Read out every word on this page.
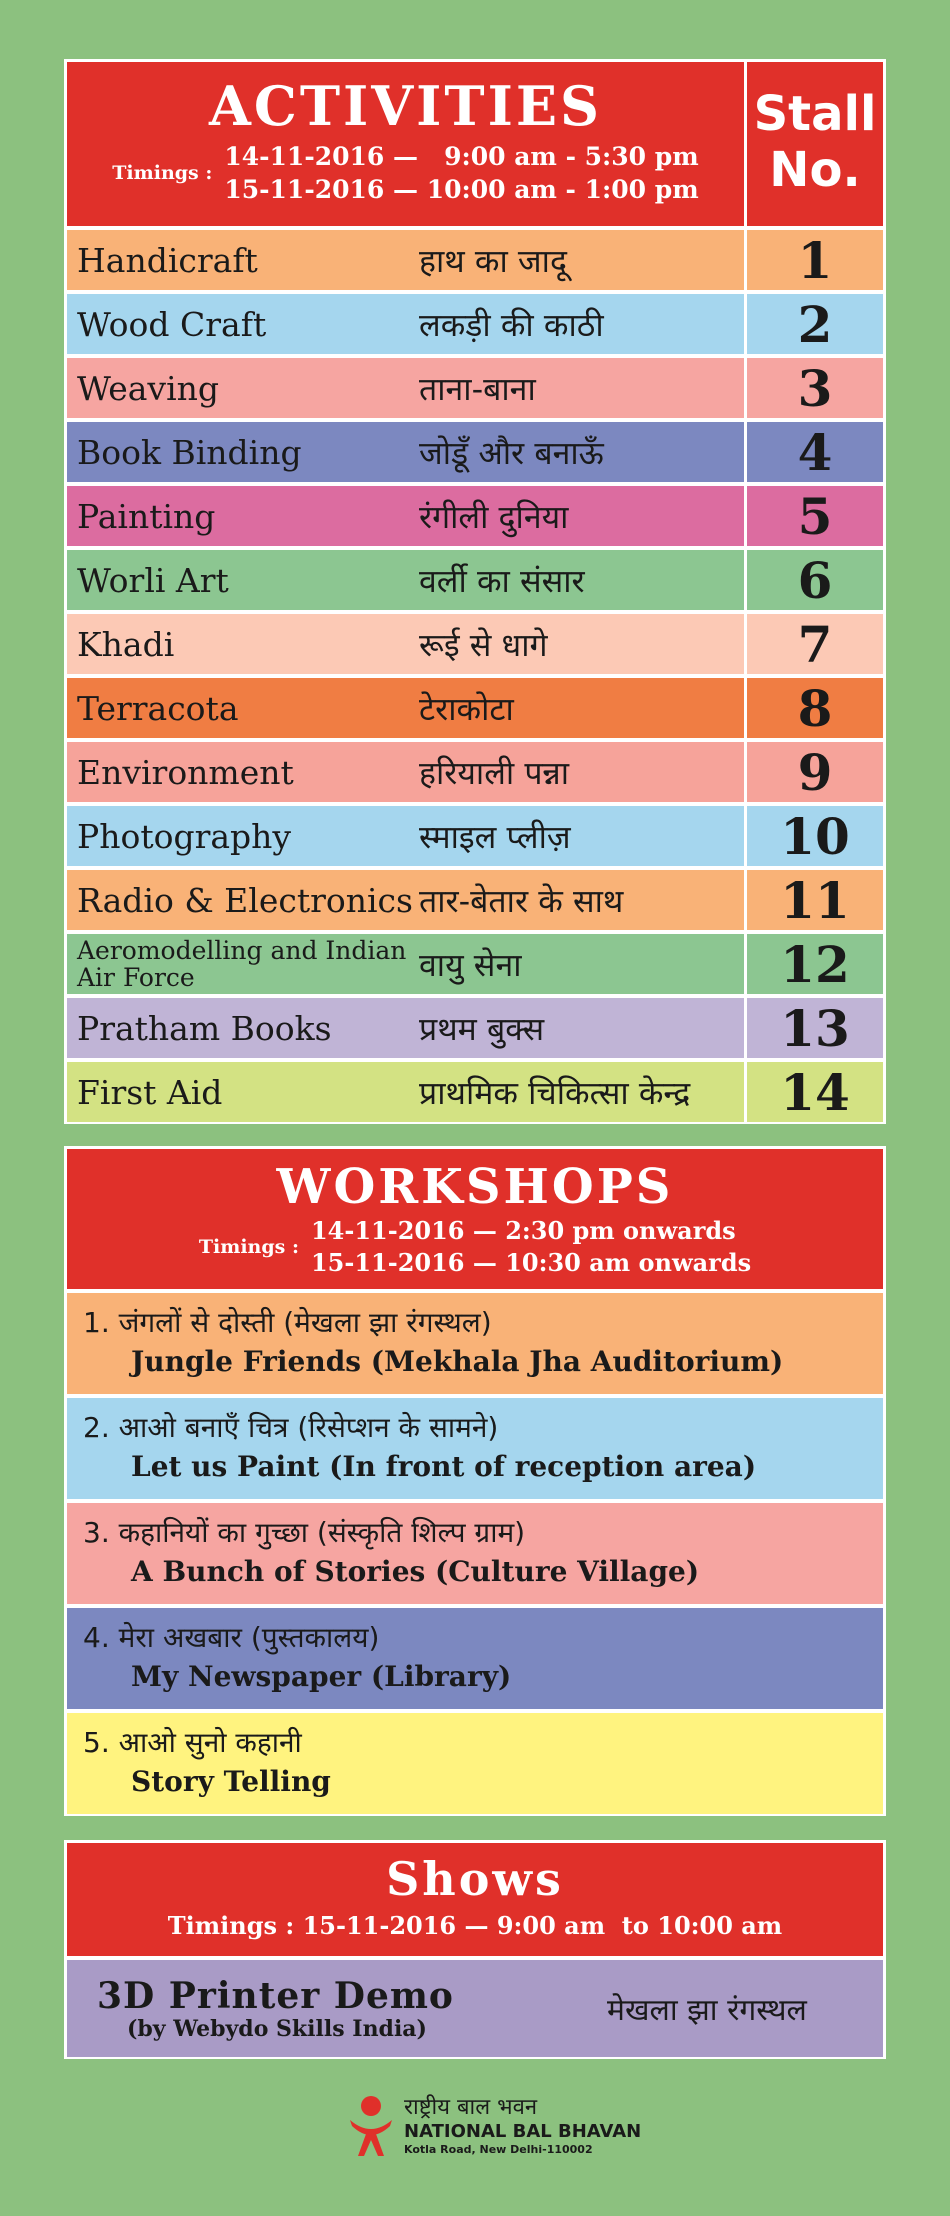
ACTIVITIES
Timings :
14-11-2016 —   9:00 am - 5:30 pm
15-11-2016 — 10:00 am - 1:00 pm
Stall
No.
Handicraft	हाथ का जादू	1
Wood Craft	लकड़ी की काठी	2
Weaving	ताना-बाना	3
Book Binding	जोडूँ और बनाऊँ	4
Painting	रंगीली दुनिया	5
Worli Art	वर्ली का संसार	6
Khadi	रूई से धागे	7
Terracota	टेराकोटा	8
Environment	हरियाली पन्ना	9
Photography	स्माइल प्लीज़	10
Radio & Electronics तार-बेतार के साथ	11
Aeromodelling and Indian Air Force	वायु सेना	12
Pratham Books	प्रथम बुक्स	13
First Aid	प्राथमिक चिकित्सा केन्द्र	14
WORKSHOPS
Timings :
14-11-2016 — 2:30 pm onwards
15-11-2016 — 10:30 am onwards
1. जंगलों से दोस्ती (मेखला झा रंगस्थल)
Jungle Friends (Mekhala Jha Auditorium)
2. आओ बनाएँ चित्र (रिसेप्शन के सामने)
Let us Paint (In front of reception area)
3. कहानियों का गुच्छा (संस्कृति शिल्प ग्राम)
A Bunch of Stories (Culture Village)
4. मेरा अखबार (पुस्तकालय)
My Newspaper (Library)
5. आओ सुनो कहानी
Story Telling
Shows
Timings : 15-11-2016 — 9:00 am  to 10:00 am
3D Printer Demo
(by Webydo Skills India)
मेखला झा रंगस्थल
राष्ट्रीय बाल भवन
NATIONAL BAL BHAVAN
Kotla Road, New Delhi-110002
